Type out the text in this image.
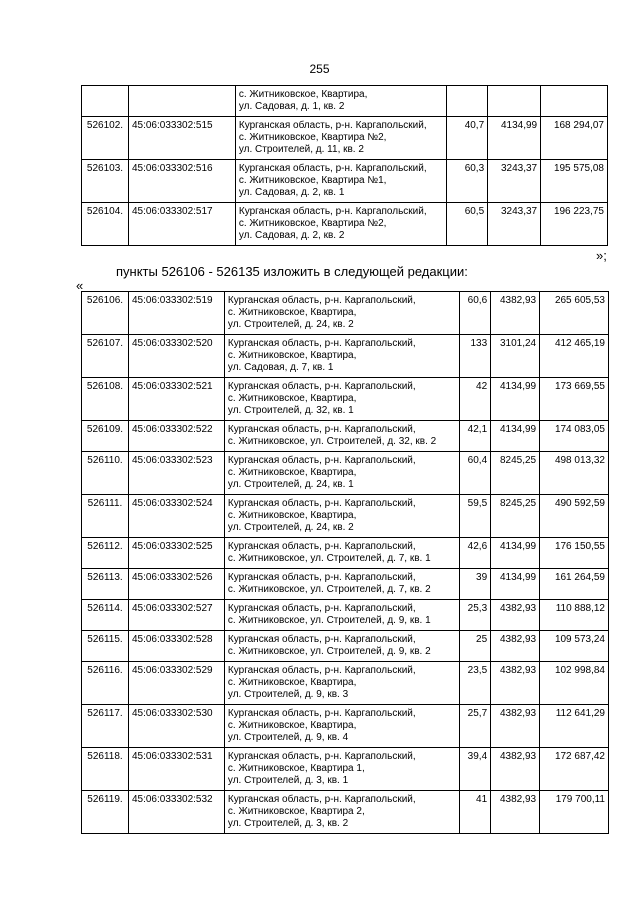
255

		с. Житниковское, Квартира,
ул. Садовая, д. 1, кв. 2			

526102.	45:06:033302:515	Курганская область, р-н. Каргапольский,
с. Житниковское, Квартира №2,
ул. Строителей, д. 11, кв. 2	40,7	4134,99	168 294,07
526103.	45:06:033302:516	Курганская область, р-н. Каргапольский,
с. Житниковское, Квартира №1,
ул. Садовая, д. 2, кв. 1	60,3	3243,37	195 575,08
526104.	45:06:033302:517	Курганская область, р-н. Каргапольский,
с. Житниковское, Квартира №2,
ул. Садовая, д. 2, кв. 2	60,5	3243,37	196 223,75
»;
пункты 526106 - 526135 изложить в следующей редакции:
«
526106.	45:06:033302:519	Курганская область, р-н. Каргапольский,
с. Житниковское, Квартира,
ул. Строителей, д. 24, кв. 2	60,6	4382,93	265 605,53
526107.	45:06:033302:520	Курганская область, р-н. Каргапольский,
с. Житниковское, Квартира,
ул. Садовая, д. 7, кв. 1	133	3101,24	412 465,19
526108.	45:06:033302:521	Курганская область, р-н. Каргапольский,
с. Житниковское, Квартира,
ул. Строителей, д. 32, кв. 1	42	4134,99	173 669,55
526109.	45:06:033302:522	Курганская область, р-н. Каргапольский,
с. Житниковское, ул. Строителей, д. 32, кв. 2	42,1	4134,99	174 083,05
526110.	45:06:033302:523	Курганская область, р-н. Каргапольский,
с. Житниковское, Квартира,
ул. Строителей, д. 24, кв. 1	60,4	8245,25	498 013,32
526111.	45:06:033302:524	Курганская область, р-н. Каргапольский,
с. Житниковское, Квартира,
ул. Строителей, д. 24, кв. 2	59,5	8245,25	490 592,59
526112.	45:06:033302:525	Курганская область, р-н. Каргапольский,
с. Житниковское, ул. Строителей, д. 7, кв. 1	42,6	4134,99	176 150,55
526113.	45:06:033302:526	Курганская область, р-н. Каргапольский,
с. Житниковское, ул. Строителей, д. 7, кв. 2	39	4134,99	161 264,59
526114.	45:06:033302:527	Курганская область, р-н. Каргапольский,
с. Житниковское, ул. Строителей, д. 9, кв. 1	25,3	4382,93	110 888,12
526115.	45:06:033302:528	Курганская область, р-н. Каргапольский,
с. Житниковское, ул. Строителей, д. 9, кв. 2	25	4382,93	109 573,24
526116.	45:06:033302:529	Курганская область, р-н. Каргапольский,
с. Житниковское, Квартира,
ул. Строителей, д. 9, кв. 3	23,5	4382,93	102 998,84
526117.	45:06:033302:530	Курганская область, р-н. Каргапольский,
с. Житниковское, Квартира,
ул. Строителей, д. 9, кв. 4	25,7	4382,93	112 641,29
526118.	45:06:033302:531	Курганская область, р-н. Каргапольский,
с. Житниковское, Квартира 1,
ул. Строителей, д. 3, кв. 1	39,4	4382,93	172 687,42
526119.	45:06:033302:532	Курганская область, р-н. Каргапольский,
с. Житниковское, Квартира 2,
ул. Строителей, д. 3, кв. 2	41	4382,93	179 700,11
